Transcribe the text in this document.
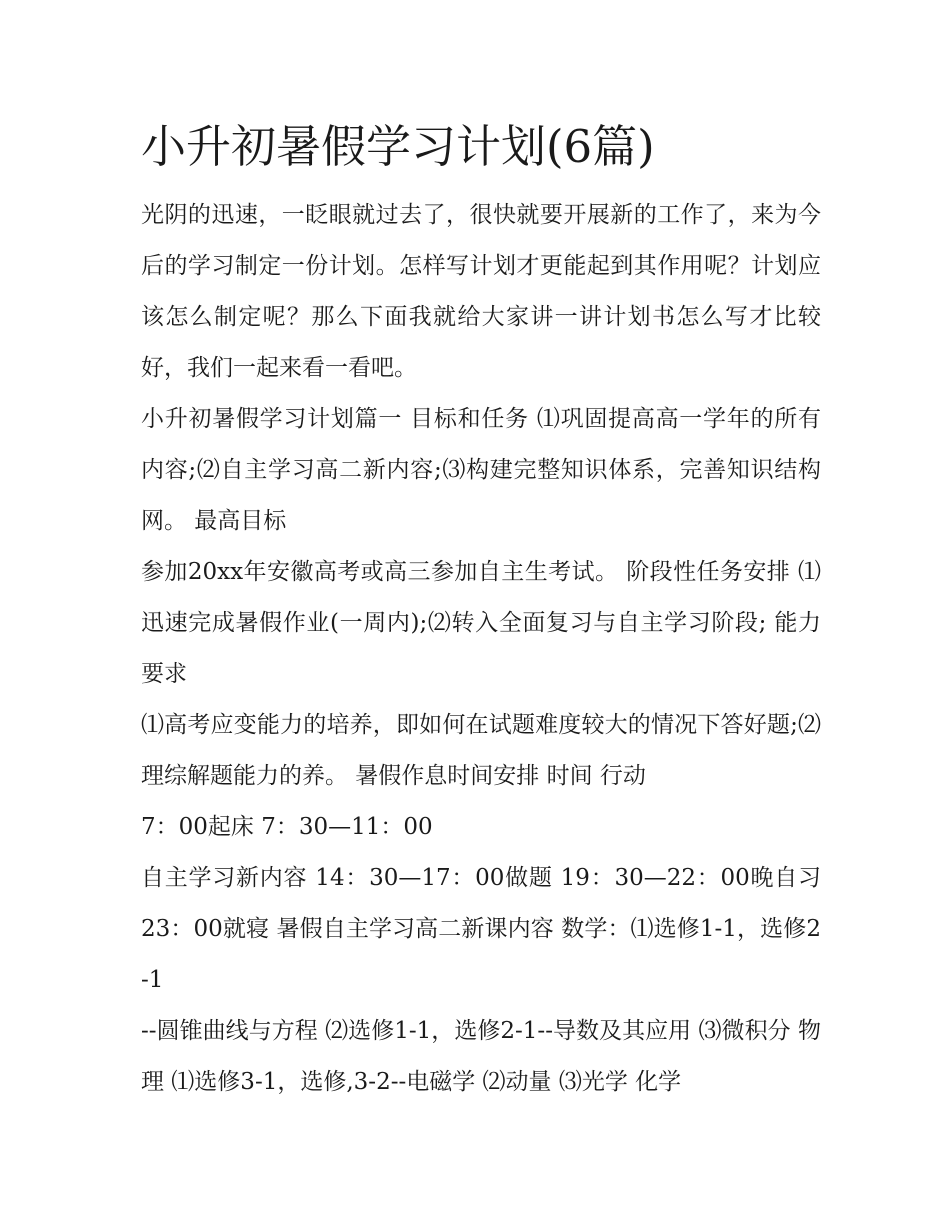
小升初暑假学习计划(6篇)

光阴的迅速，一眨眼就过去了，很快就要开展新的工作了，来为今后的学习制定一份计划。怎样写计划才更能起到其作用呢？计划应该怎么制定呢？那么下面我就给大家讲一讲计划书怎么写才比较好，我们一起来看一看吧。

小升初暑假学习计划篇一 目标和任务 ⑴巩固提高高一学年的所有内容;⑵自主学习高二新内容;⑶构建完整知识体系，完善知识结构网。 最高目标

参加20xx年安徽高考或高三参加自主生考试。 阶段性任务安排 ⑴迅速完成暑假作业(一周内);⑵转入全面复习与自主学习阶段; 能力要求

⑴高考应变能力的培养，即如何在试题难度较大的情况下答好题;⑵理综解题能力的养。 暑假作息时间安排 时间 行动

7：00起床 7：30—11：00

自主学习新内容 14：30—17：00做题 19：30—22：00晚自习 23：00就寝 暑假自主学习高二新课内容 数学：⑴选修1-1，选修2-1

--圆锥曲线与方程 ⑵选修1-1，选修2-1--导数及其应用 ⑶微积分 物理 ⑴选修3-1，选修,3-2--电磁学 ⑵动量 ⑶光学 化学
